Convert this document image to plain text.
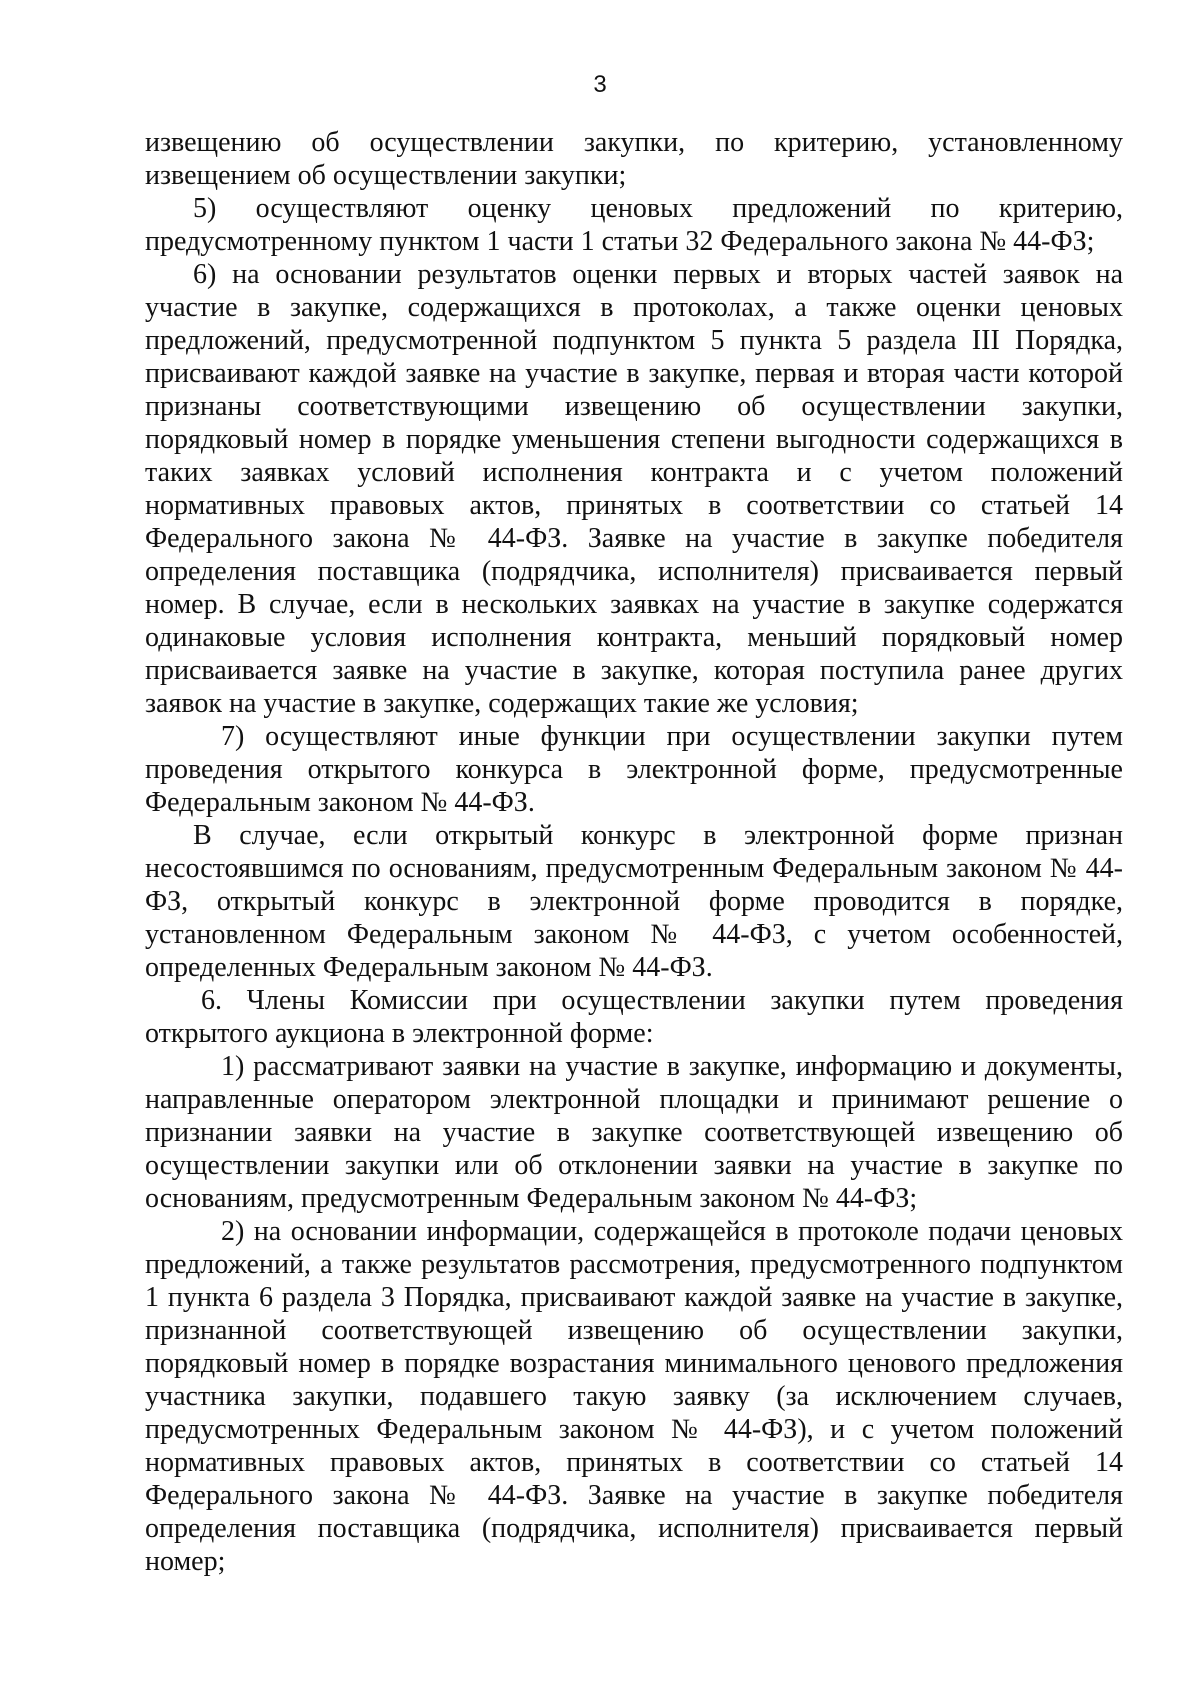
3

извещению об осуществлении закупки, по критерию, установленному извещением об осуществлении закупки;

5) осуществляют оценку ценовых предложений по критерию, предусмотренному пунктом 1 части 1 статьи 32 Федерального закона № 44-ФЗ;

6) на основании результатов оценки первых и вторых частей заявок на участие в закупке, содержащихся в протоколах, а также оценки ценовых предложений, предусмотренной подпунктом 5 пункта 5 раздела III Порядка, присваивают каждой заявке на участие в закупке, первая и вторая части которой признаны соответствующими извещению об осуществлении закупки, порядковый номер в порядке уменьшения степени выгодности содержащихся в таких заявках условий исполнения контракта и с учетом положений нормативных правовых актов, принятых в соответствии со статьей 14 Федерального закона № 44-ФЗ. Заявке на участие в закупке победителя определения поставщика (подрядчика, исполнителя) присваивается первый номер. В случае, если в нескольких заявках на участие в закупке содержатся одинаковые условия исполнения контракта, меньший порядковый номер присваивается заявке на участие в закупке, которая поступила ранее других заявок на участие в закупке, содержащих такие же условия;

7) осуществляют иные функции при осуществлении закупки путем проведения открытого конкурса в электронной форме, предусмотренные Федеральным законом № 44-ФЗ.

В случае, если открытый конкурс в электронной форме признан несостоявшимся по основаниям, предусмотренным Федеральным законом № 44- ФЗ, открытый конкурс в электронной форме проводится в порядке, установленном Федеральным законом № 44-ФЗ, с учетом особенностей, определенных Федеральным законом № 44-ФЗ.

6. Члены Комиссии при осуществлении закупки путем проведения открытого аукциона в электронной форме:

1) рассматривают заявки на участие в закупке, информацию и документы, направленные оператором электронной площадки и принимают решение о признании заявки на участие в закупке соответствующей извещению об осуществлении закупки или об отклонении заявки на участие в закупке по основаниям, предусмотренным Федеральным законом № 44-ФЗ;

2) на основании информации, содержащейся в протоколе подачи ценовых предложений, а также результатов рассмотрения, предусмотренного подпунктом 1 пункта 6 раздела 3 Порядка, присваивают каждой заявке на участие в закупке, признанной соответствующей извещению об осуществлении закупки, порядковый номер в порядке возрастания минимального ценового предложения участника закупки, подавшего такую заявку (за исключением случаев, предусмотренных Федеральным законом № 44-ФЗ), и с учетом положений нормативных правовых актов, принятых в соответствии со статьей 14 Федерального закона № 44-ФЗ. Заявке на участие в закупке победителя определения поставщика (подрядчика, исполнителя) присваивается первый номер;
